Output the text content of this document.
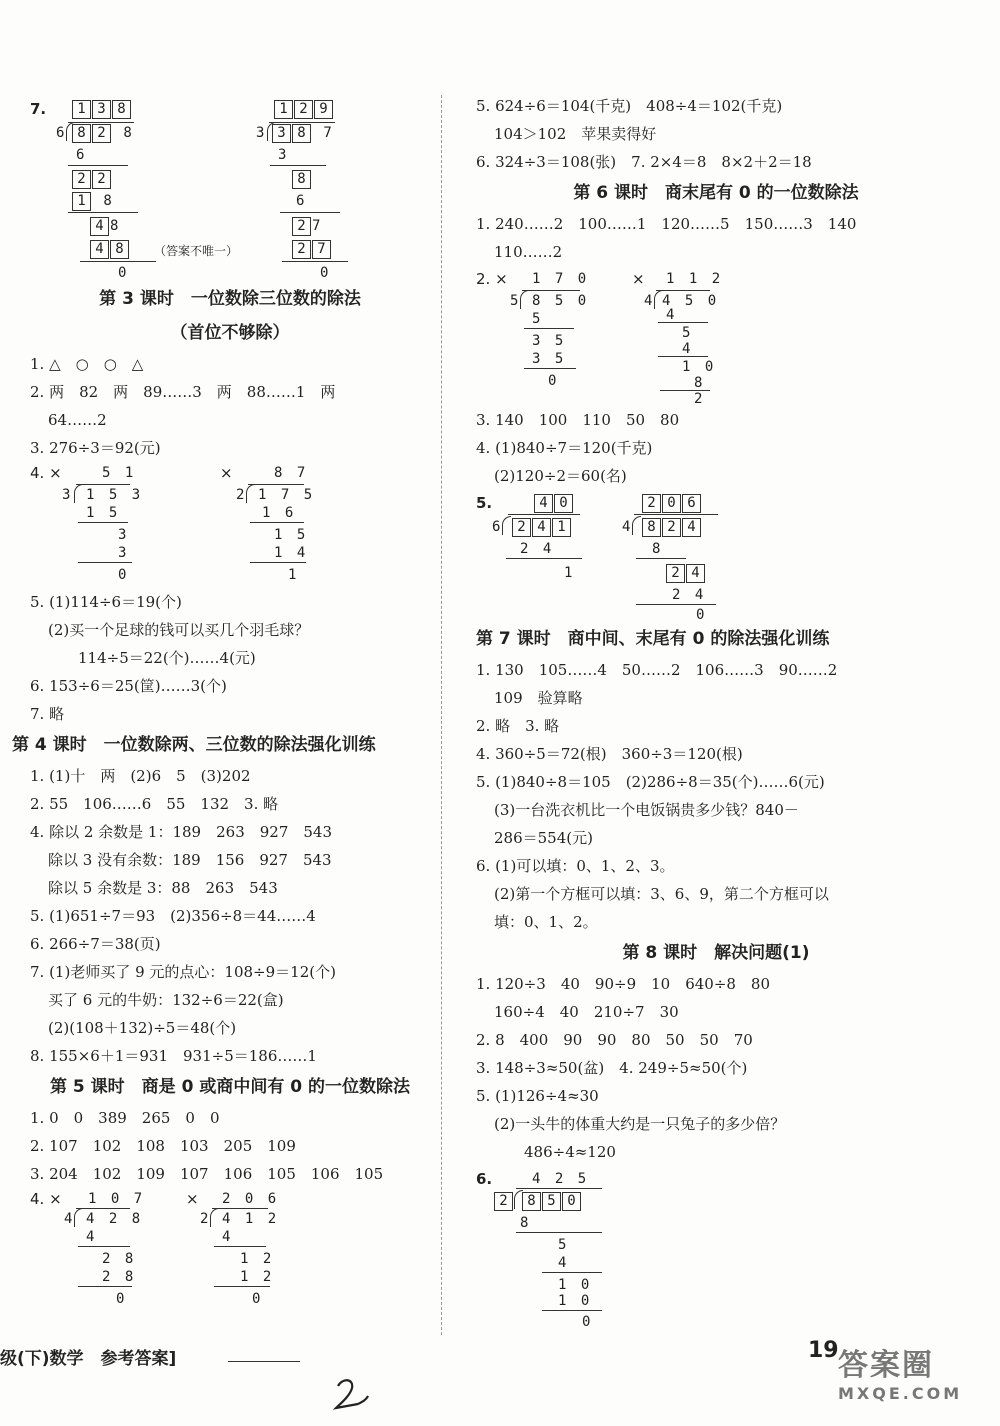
7.	1 3 8
6 8 2 8
6
2 2
1 8
4 8
4 8	（答案不唯一）
0
1 2 9
3 3 8 7
3
8
6
2 7
2 7
0
第 3 课时　一位数除三位数的除法
（首位不够除）
1. △　○　○　△
2. 两　82　两　89……3　两　88……1　两
64……2
3. 276÷3＝92(元)
4. ×	5 1
3 1 5 3
1 5
3
3
0
×	8 7
2 1 7 5
1 6
1 5
1 4
1
5. (1)114÷6＝19(个)
(2)买一个足球的钱可以买几个羽毛球？
114÷5＝22(个)……4(元)
6. 153÷6＝25(筐)……3(个)
7. 略
第 4 课时　一位数除两、三位数的除法强化训练
1. (1)十　两　(2)6　5　(3)202
2. 55　106……6　55　132　3. 略
4. 除以 2 余数是 1：189　263　927　543
除以 3 没有余数：189　156　927　543
除以 5 余数是 3：88　263　543
5. (1)651÷7＝93　(2)356÷8＝44……4
6. 266÷7＝38(页)
7. (1)老师买了 9 元的点心：108÷9＝12(个)
买了 6 元的牛奶：132÷6＝22(盒)
(2)(108＋132)÷5＝48(个)
8. 155×6＋1＝931　931÷5＝186……1
第 5 课时　商是 0 或商中间有 0 的一位数除法
1. 0　0　389　265　0　0
2. 107　102　108　103　205　109
3. 204　102　109　107　106　105　106　105
4. × 1 0 7
4 4 2 8
4
2 8
2 8
0
× 2 0 6
2 4 1 2
4
1 2
1 2
0
5. 624÷6＝104(千克)　408÷4＝102(千克)
104＞102　苹果卖得好
6. 324÷3＝108(张)　7. 2×4＝8　8×2＋2＝18
第 6 课时　商末尾有 0 的一位数除法
1. 240……2　100……1　120……5　150……3　140
110……2
2. × 1 7 0
5 8 5 0
5
3 5
3 5
0
× 1 1 2
4 4 5 0
4
5
4
1 0
8
2
3. 140　100　110　50　80
4. (1)840÷7＝120(千克)
(2)120÷2＝60(名)
5.	4 0
6 2 4 1
2 4
1
2 0 6
4 8 2 4
8
2 4
2 4
0
第 7 课时　商中间、末尾有 0 的除法强化训练
1. 130　105……4　50……2　106……3　90……2
109　验算略
2. 略　3. 略
4. 360÷5＝72(根)　360÷3＝120(根)
5. (1)840÷8＝105　(2)286÷8＝35(个)……6(元)
(3)一台洗衣机比一个电饭锅贵多少钱？840－
286＝554(元)
6. (1)可以填：0、1、2、3。
(2)第一个方框可以填：3、6、9，第二个方框可以
填：0、1、2。
第 8 课时　解决问题(1)
1. 120÷3　40　90÷9　10　640÷8　80
160÷4　40　210÷7　30
2. 8　400　90　90　80　50　50　70
3. 148÷3≈50(盆)　4. 249÷5≈50(个)
5. (1)126÷4≈30
(2)一头牛的体重大约是一只兔子的多少倍？
486÷4≈120
6.	4 2 5
2	8 5 0
8
5
4
1 0
1 0
0
级(下)数学　参考答案]	19 答案圈
MXQE.COM
